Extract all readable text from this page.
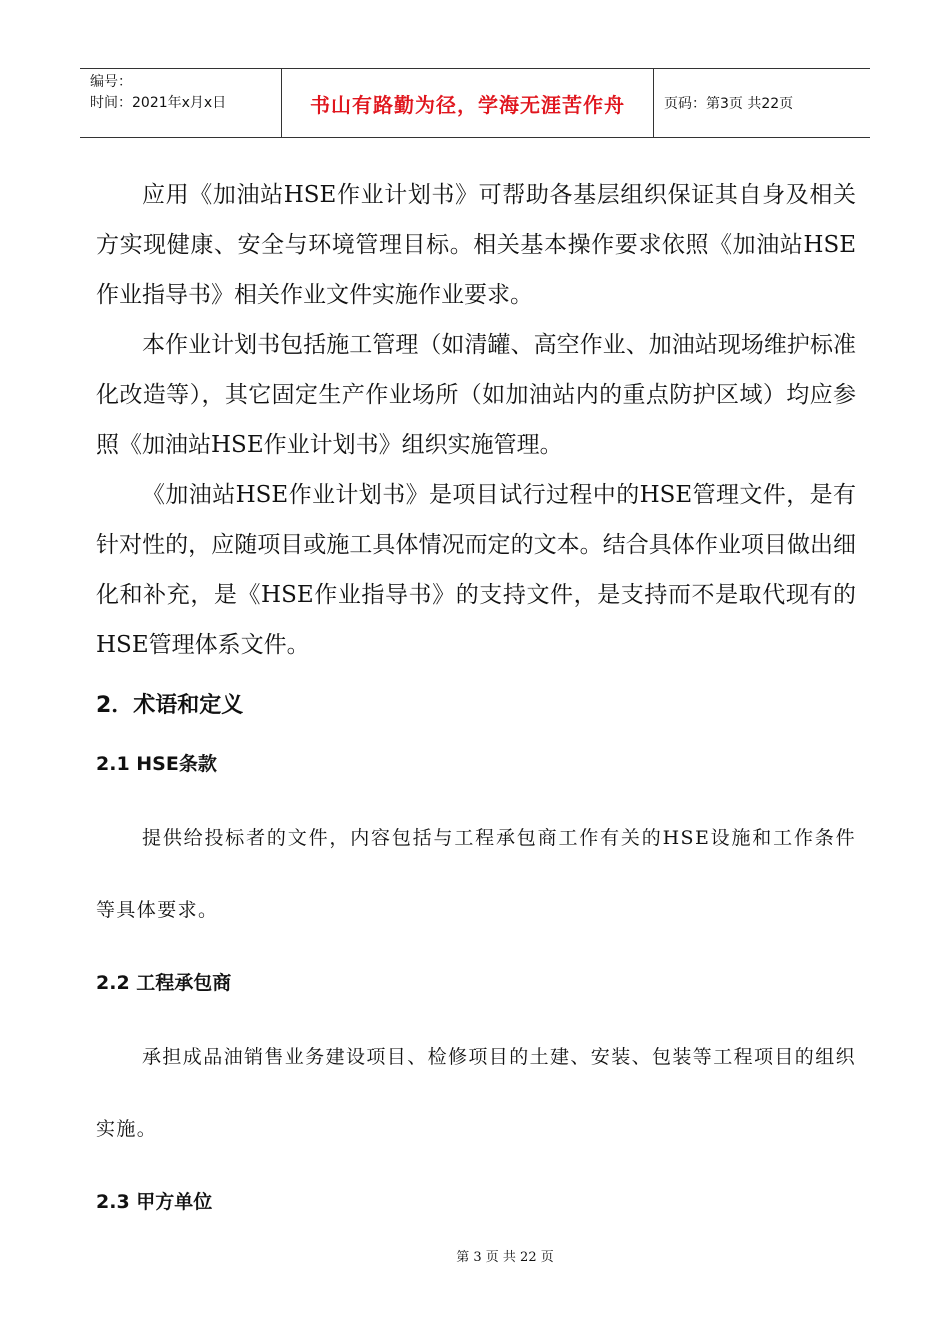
编号：
时间：2021年x月x日	书山有路勤为径，学海无涯苦作舟	页码：第3页 共22页

应用《加油站HSE作业计划书》可帮助各基层组织保证其自身及相关方实现健康、安全与环境管理目标。相关基本操作要求依照《加油站HSE作业指导书》相关作业文件实施作业要求。

本作业计划书包括施工管理（如清罐、高空作业、加油站现场维护标准化改造等），其它固定生产作业场所（如加油站内的重点防护区域）均应参照《加油站HSE作业计划书》组织实施管理。

《加油站HSE作业计划书》是项目试行过程中的HSE管理文件，是有针对性的，应随项目或施工具体情况而定的文本。结合具体作业项目做出细化和补充，是《HSE作业指导书》的支持文件，是支持而不是取代现有的HSE管理体系文件。

2．术语和定义
2.1 HSE条款

提供给投标者的文件，内容包括与工程承包商工作有关的HSE设施和工作条件等具体要求。

2.2 工程承包商

承担成品油销售业务建设项目、检修项目的土建、安装、包装等工程项目的组织实施。

2.3 甲方单位
第 3 页 共 22 页
